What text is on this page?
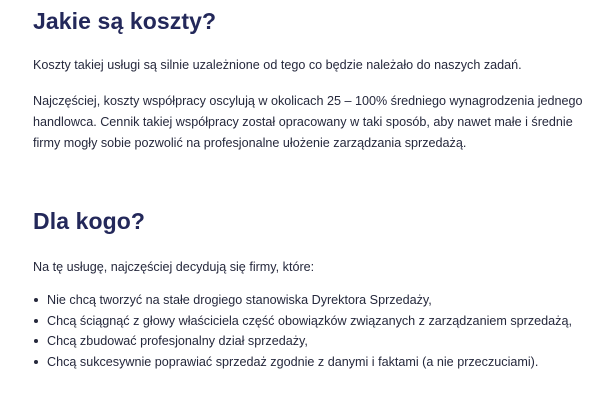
Jakie są koszty?

Koszty takiej usługi są silnie uzależnione od tego co będzie należało do naszych zadań.

Najczęściej, koszty współpracy oscylują w okolicach 25 – 100% średniego wynagrodzenia jednego handlowca. Cennik takiej współpracy został opracowany w taki sposób, aby nawet małe i średnie firmy mogły sobie pozwolić na profesjonalne ułożenie zarządzania sprzedażą.

Dla kogo?

Na tę usługę, najczęściej decydują się firmy, które:

Nie chcą tworzyć na stałe drogiego stanowiska Dyrektora Sprzedaży,
Chcą ściągnąć z głowy właściciela część obowiązków związanych z zarządzaniem sprzedażą,
Chcą zbudować profesjonalny dział sprzedaży,
Chcą sukcesywnie poprawiać sprzedaż zgodnie z danymi i faktami (a nie przeczuciami).
